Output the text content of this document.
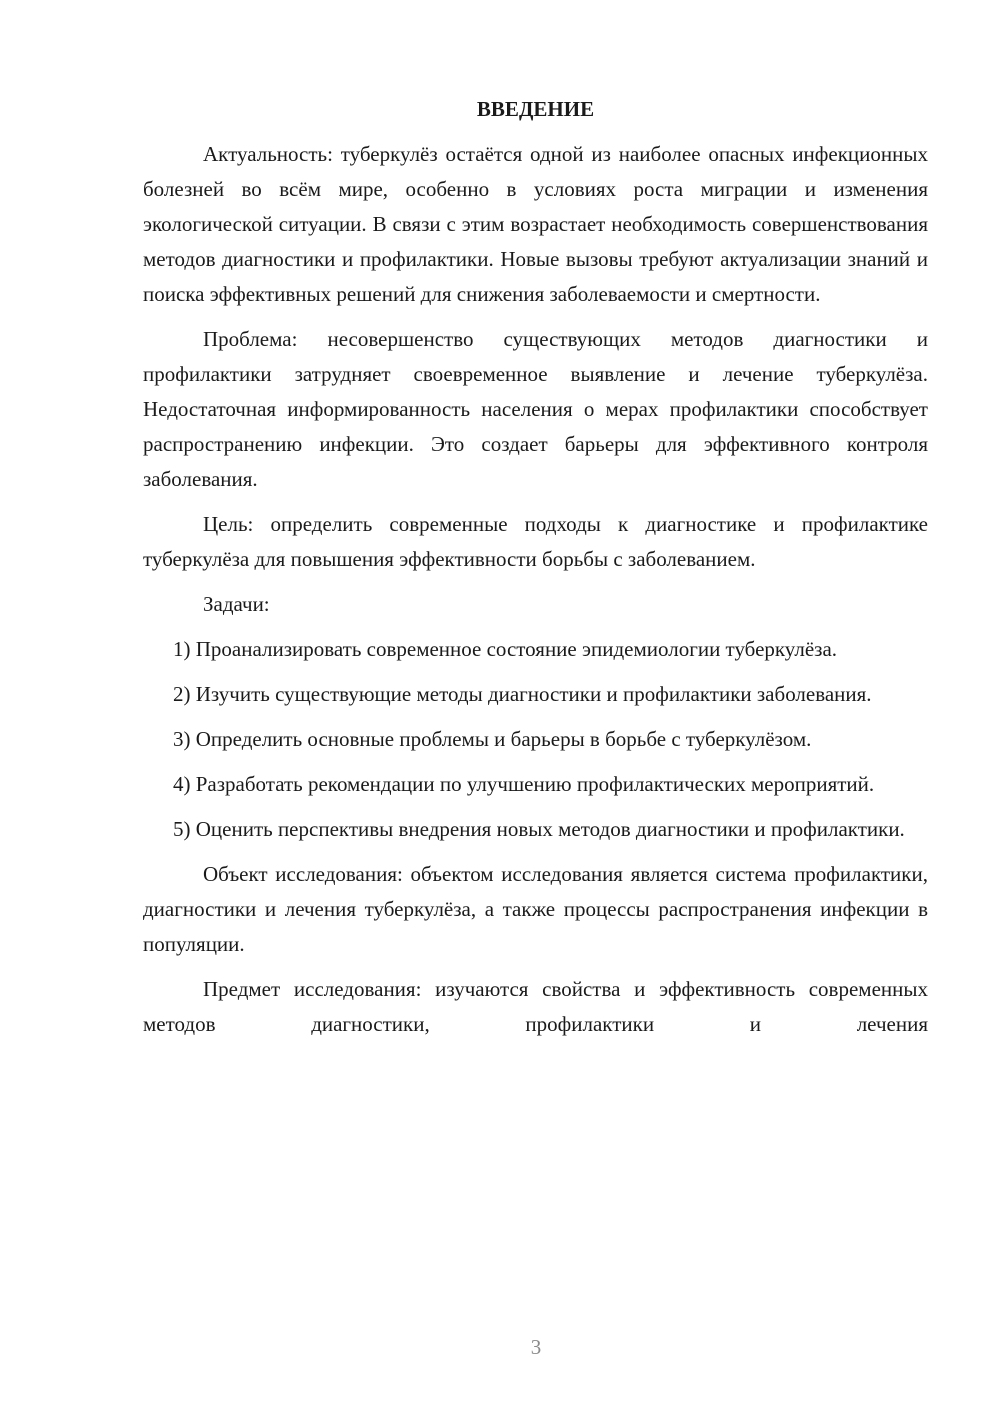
ВВЕДЕНИЕ

Актуальность: туберкулёз остаётся одной из наиболее опасных инфекционных болезней во всём мире, особенно в условиях роста миграции и изменения экологической ситуации. В связи с этим возрастает необходимость совершенствования методов диагностики и профилактики. Новые вызовы требуют актуализации знаний и поиска эффективных решений для снижения заболеваемости и смертности.

Проблема: несовершенство существующих методов диагностики и профилактики затрудняет своевременное выявление и лечение туберкулёза. Недостаточная информированность населения о мерах профилактики способствует распространению инфекции. Это создает барьеры для эффективного контроля заболевания.

Цель: определить современные подходы к диагностике и профилактике туберкулёза для повышения эффективности борьбы с заболеванием.

Задачи:

1) Проанализировать современное состояние эпидемиологии туберкулёза.

2) Изучить существующие методы диагностики и профилактики заболевания.

3) Определить основные проблемы и барьеры в борьбе с туберкулёзом.

4) Разработать рекомендации по улучшению профилактических мероприятий.

5) Оценить перспективы внедрения новых методов диагностики и профилактики.

Объект исследования: объектом исследования является система профилактики, диагностики и лечения туберкулёза, а также процессы распространения инфекции в популяции.

Предмет исследования: изучаются свойства и эффективность современных методов диагностики, профилактики и лечения

3
